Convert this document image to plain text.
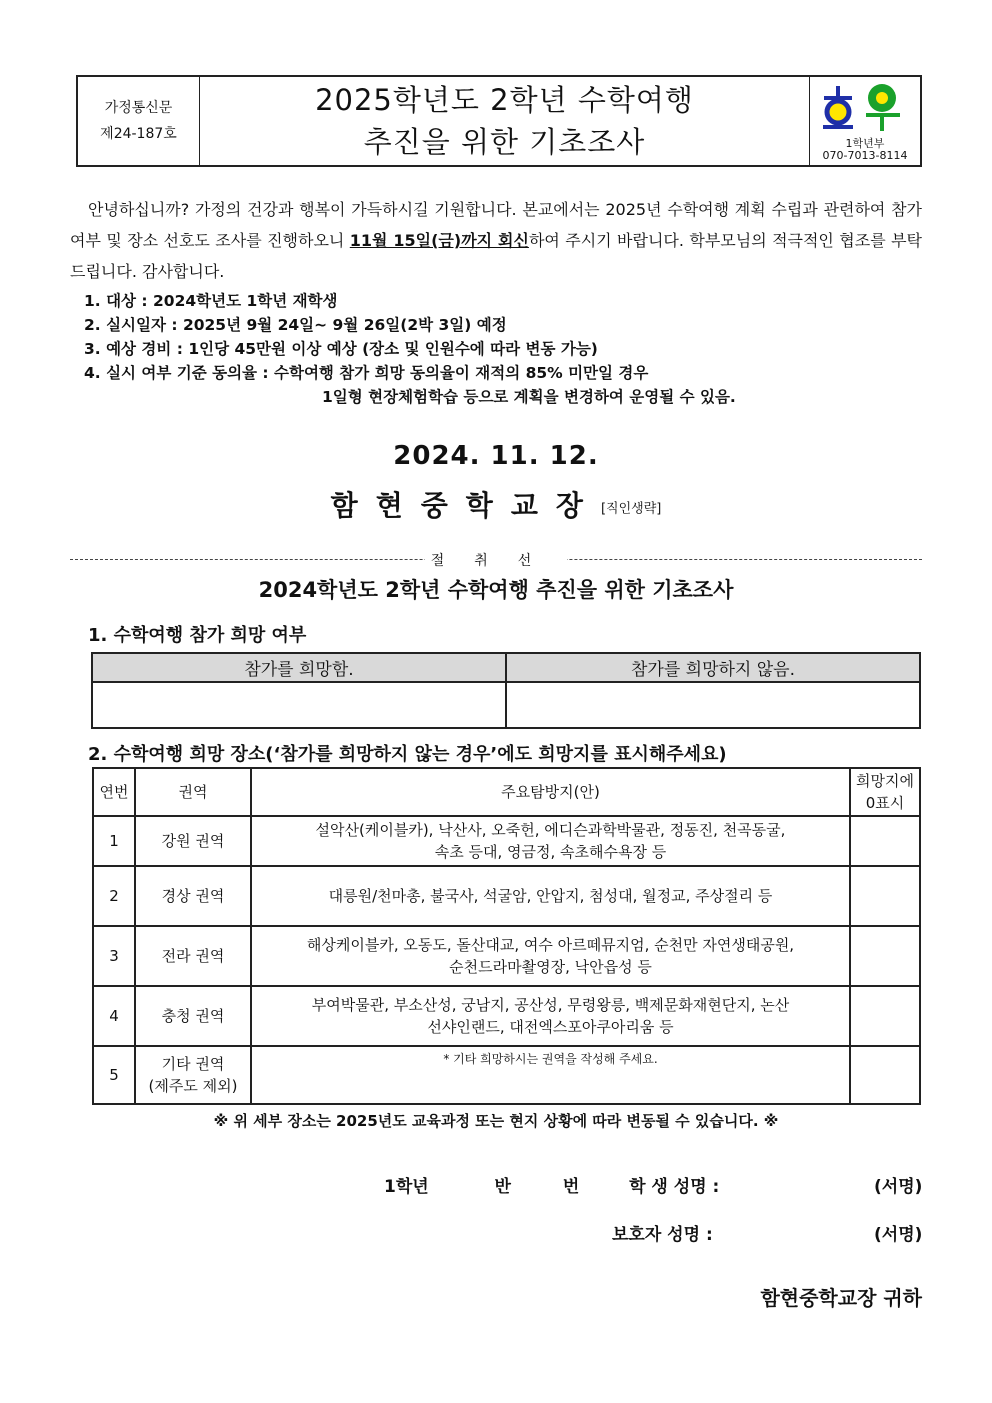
가정통신문
제24-187호
2025학년도 2학년 수학여행
추진을 위한 기초조사	1학년부
070-7013-8114
안녕하십니까? 가정의 건강과 행복이 가득하시길 기원합니다. 본교에서는 2025년 수학여행 계획 수립과 관련하여 참가 여부 및 장소 선호도 조사를 진행하오니 11월 15일(금)까지 회신하여 주시기 바랍니다. 학부모님의 적극적인 협조를 부탁드립니다. 감사합니다.
1. 대상 : 2024학년도 1학년 재학생
2. 실시일자 : 2025년 9월 24일~ 9월 26일(2박 3일) 예정
3. 예상 경비 : 1인당 45만원 이상 예상 (장소 및 인원수에 따라 변동 가능)
4. 실시 여부 기준 동의율 : 수학여행 참가 희망 동의율이 재적의 85% 미만일 경우
1일형 현장체험학습 등으로 계획을 변경하여 운영될 수 있음.
2024. 11. 12.
함현중학교장[직인생략]
절취선
2024학년도 2학년 수학여행 추진을 위한 기초조사
1. 수학여행 참가 희망 여부
참가를 희망함.	참가를 희망하지 않음.

2. 수학여행 희망 장소(‘참가를 희망하지 않는 경우’에도 희망지를 표시해주세요)
연번	권역	주요탐방지(안)	희망지에
0표시

1	강원 권역	설악산(케이블카), 낙산사, 오죽헌, 에디슨과학박물관, 정동진, 천곡동굴,
속초 등대, 영금정, 속초해수욕장 등	

2	경상 권역	대릉원/천마총, 불국사, 석굴암, 안압지, 첨성대, 월정교, 주상절리 등	

3	전라 권역	해상케이블카, 오동도, 돌산대교, 여수 아르떼뮤지엄, 순천만 자연생태공원,
순천드라마촬영장, 낙안읍성 등	

4	충청 권역	부여박물관, 부소산성, 궁남지, 공산성, 무령왕릉, 백제문화재현단지, 논산
선샤인랜드, 대전엑스포아쿠아리움 등	

5	기타 권역
(제주도 제외)	* 기타 희망하시는 권역을 작성해 주세요.	
※ 위 세부 장소는 2025년도 교육과정 또는 현지 상황에 따라 변동될 수 있습니다. ※
1학년	반	번	학 생 성명 :	(서명)
보호자 성명 :	(서명)
함현중학교장 귀하
